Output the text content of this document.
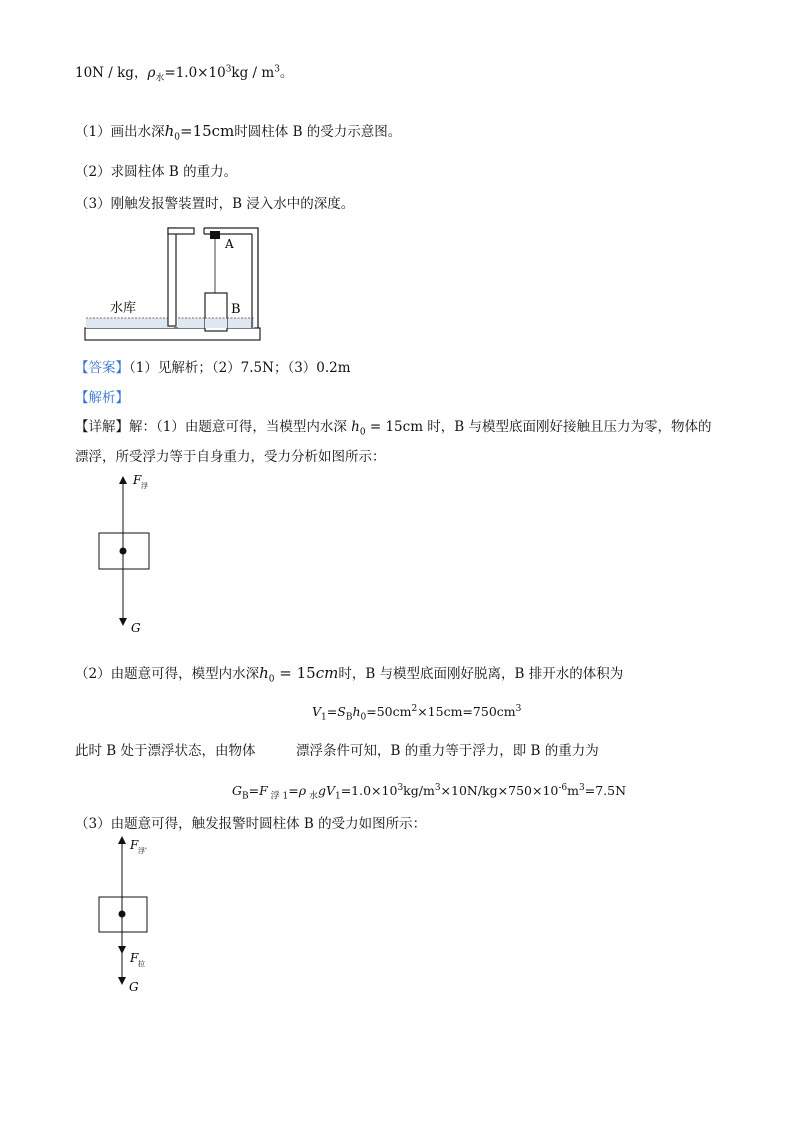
10N / kg，$\rho_水=1.0\times 10^3kg / m^3$。
（1）画出水深$h_0=15cm$时圆柱体 B 的受力示意图。
（2）求圆柱体 B 的重力。
（3）刚触发报警装置时，B 浸入水中的深度。
水库
A
B
【答案】（1）见解析；（2）7.5N；（3）0.2m
【解析】
【详解】解：（1）由题意可得，当模型内水深 $h_0 = 15cm$ 时，B 与模型底面刚好接触且压力为零，物体的
漂浮，所受浮力等于自身重力，受力分析如图所示：
F 浮
G
（2）由题意可得，模型内水深$h_0 = 15cm$时，B 与模型底面刚好脱离，B 排开水的体积为
$V_1=S_Bh_0=50cm^2\times 15cm=750cm^3$
此时 B 处于漂浮状态，由物体　　　漂浮条件可知，B 的重力等于浮力，即 B 的重力为
$G_B=F$ $_{浮 1}$=ρ $_水gV_1=1.0\times 10^3kg/m^3\times 10N/kg\times 750\times 10^{-6}m^3=7.5N$
（3）由题意可得，触发报警时圆柱体 B 的受力如图所示：
F 浮'
F 拉
G
